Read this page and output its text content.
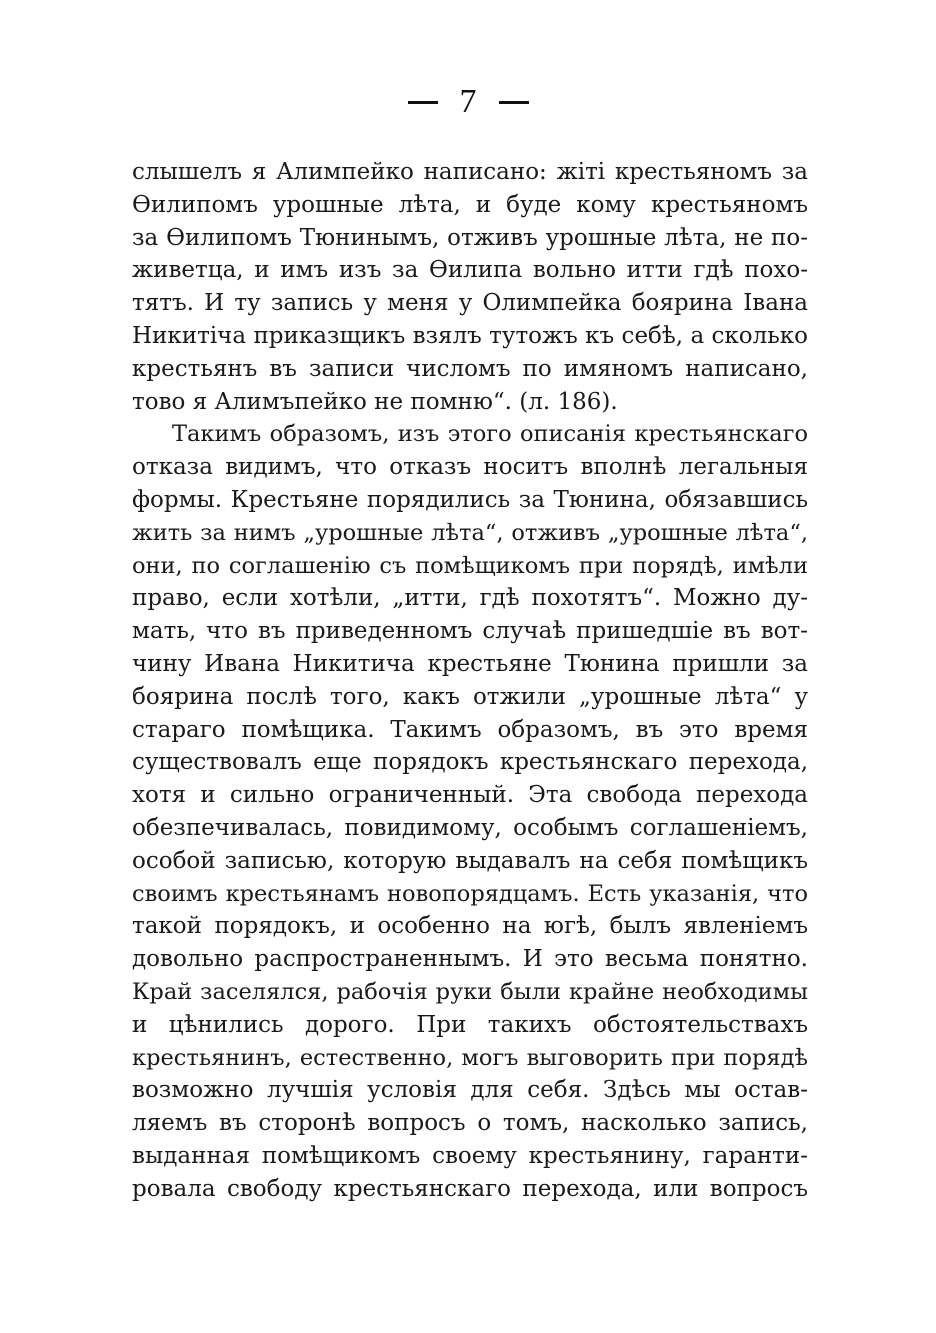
7
слышелъ я Алимпейко написано: жіті крестьяномъ за
Өилипомъ урошные лѣта, и буде кому крестьяномъ
за Өилипомъ Тюнинымъ, отживъ урошные лѣта, не по-
живетца, и имъ изъ за Өилипа вольно итти гдѣ похо-
тятъ. И ту запись у меня у Олимпейка боярина Івана
Никитіча приказщикъ взялъ тутожъ къ себѣ, а сколько
крестьянъ въ записи числомъ по имяномъ написано,
тово я Алимъпейко не помню“. (л. 186).
Такимъ образомъ, изъ этого описанія крестьянскаго
отказа видимъ, что отказъ носитъ вполнѣ легальныя
формы. Крестьяне порядились за Тюнина, обязавшись
жить за нимъ „урошные лѣта“, отживъ „урошные лѣта“,
они, по соглашенію съ помѣщикомъ при порядѣ, имѣли
право, если хотѣли, „итти, гдѣ похотятъ“. Можно ду-
мать, что въ приведенномъ случаѣ пришедшіе въ вот-
чину Ивана Никитича крестьяне Тюнина пришли за
боярина послѣ того, какъ отжили „урошные лѣта“ у
стараго помѣщика. Такимъ образомъ, въ это время
существовалъ еще порядокъ крестьянскаго перехода,
хотя и сильно ограниченный. Эта свобода перехода
обезпечивалась, повидимому, особымъ соглашеніемъ,
особой записью, которую выдавалъ на себя помѣщикъ
своимъ крестьянамъ новопорядцамъ. Есть указанія, что
такой порядокъ, и особенно на югѣ, былъ явленіемъ
довольно распространеннымъ. И это весьма понятно.
Край заселялся, рабочія руки были крайне необходимы
и цѣнились дорого. При такихъ обстоятельствахъ
крестьянинъ, естественно, могъ выговорить при порядѣ
возможно лучшія условія для себя. Здѣсь мы остав-
ляемъ въ сторонѣ вопросъ о томъ, насколько запись,
выданная помѣщикомъ своему крестьянину, гаранти-
ровала свободу крестьянскаго перехода, или вопросъ
